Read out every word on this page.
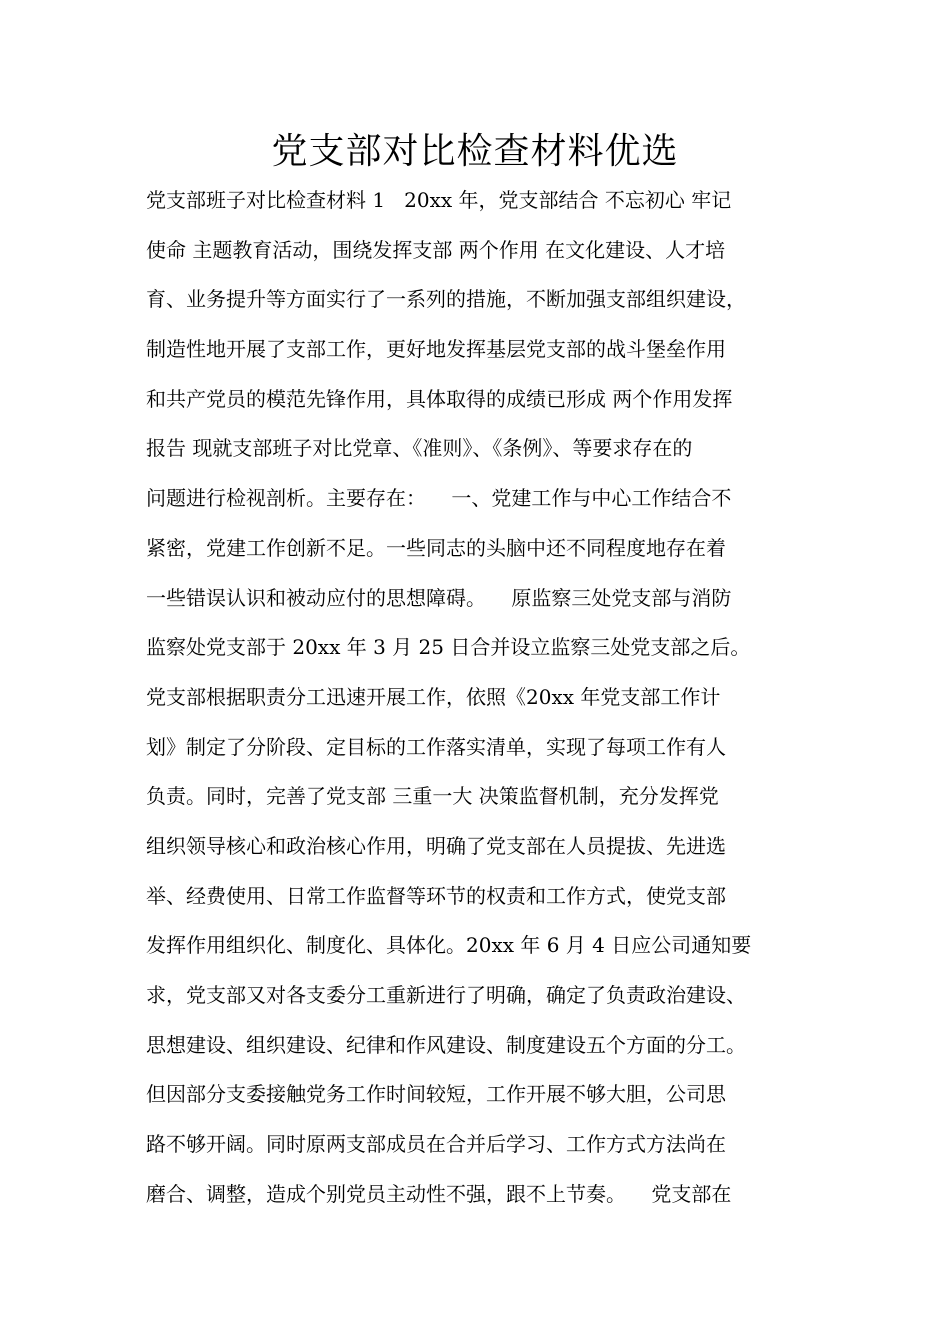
党支部对比检查材料优选
党支部班子对比检查材料 1   20xx 年，党支部结合 不忘初心 牢记
使命 主题教育活动，围绕发挥支部 两个作用 在文化建设、人才培
育、业务提升等方面实行了一系列的措施，不断加强支部组织建设，
制造性地开展了支部工作，更好地发挥基层党支部的战斗堡垒作用
和共产党员的模范先锋作用，具体取得的成绩已形成 两个作用发挥
报告 现就支部班子对比党章、《准则》、《条例》、等要求存在的
问题进行检视剖析。主要存在：    一、党建工作与中心工作结合不
紧密，党建工作创新不足。一些同志的头脑中还不同程度地存在着
一些错误认识和被动应付的思想障碍。    原监察三处党支部与消防
监察处党支部于 20xx 年 3 月 25 日合并设立监察三处党支部之后。
党支部根据职责分工迅速开展工作，依照《20xx 年党支部工作计
划》制定了分阶段、定目标的工作落实清单，实现了每项工作有人
负责。同时，完善了党支部 三重一大 决策监督机制，充分发挥党
组织领导核心和政治核心作用，明确了党支部在人员提拔、先进选
举、经费使用、日常工作监督等环节的权责和工作方式，使党支部
发挥作用组织化、制度化、具体化。20xx 年 6 月 4 日应公司通知要
求，党支部又对各支委分工重新进行了明确，确定了负责政治建设、
思想建设、组织建设、纪律和作风建设、制度建设五个方面的分工。
但因部分支委接触党务工作时间较短，工作开展不够大胆，公司思
路不够开阔。同时原两支部成员在合并后学习、工作方式方法尚在
磨合、调整，造成个别党员主动性不强，跟不上节奏。    党支部在
